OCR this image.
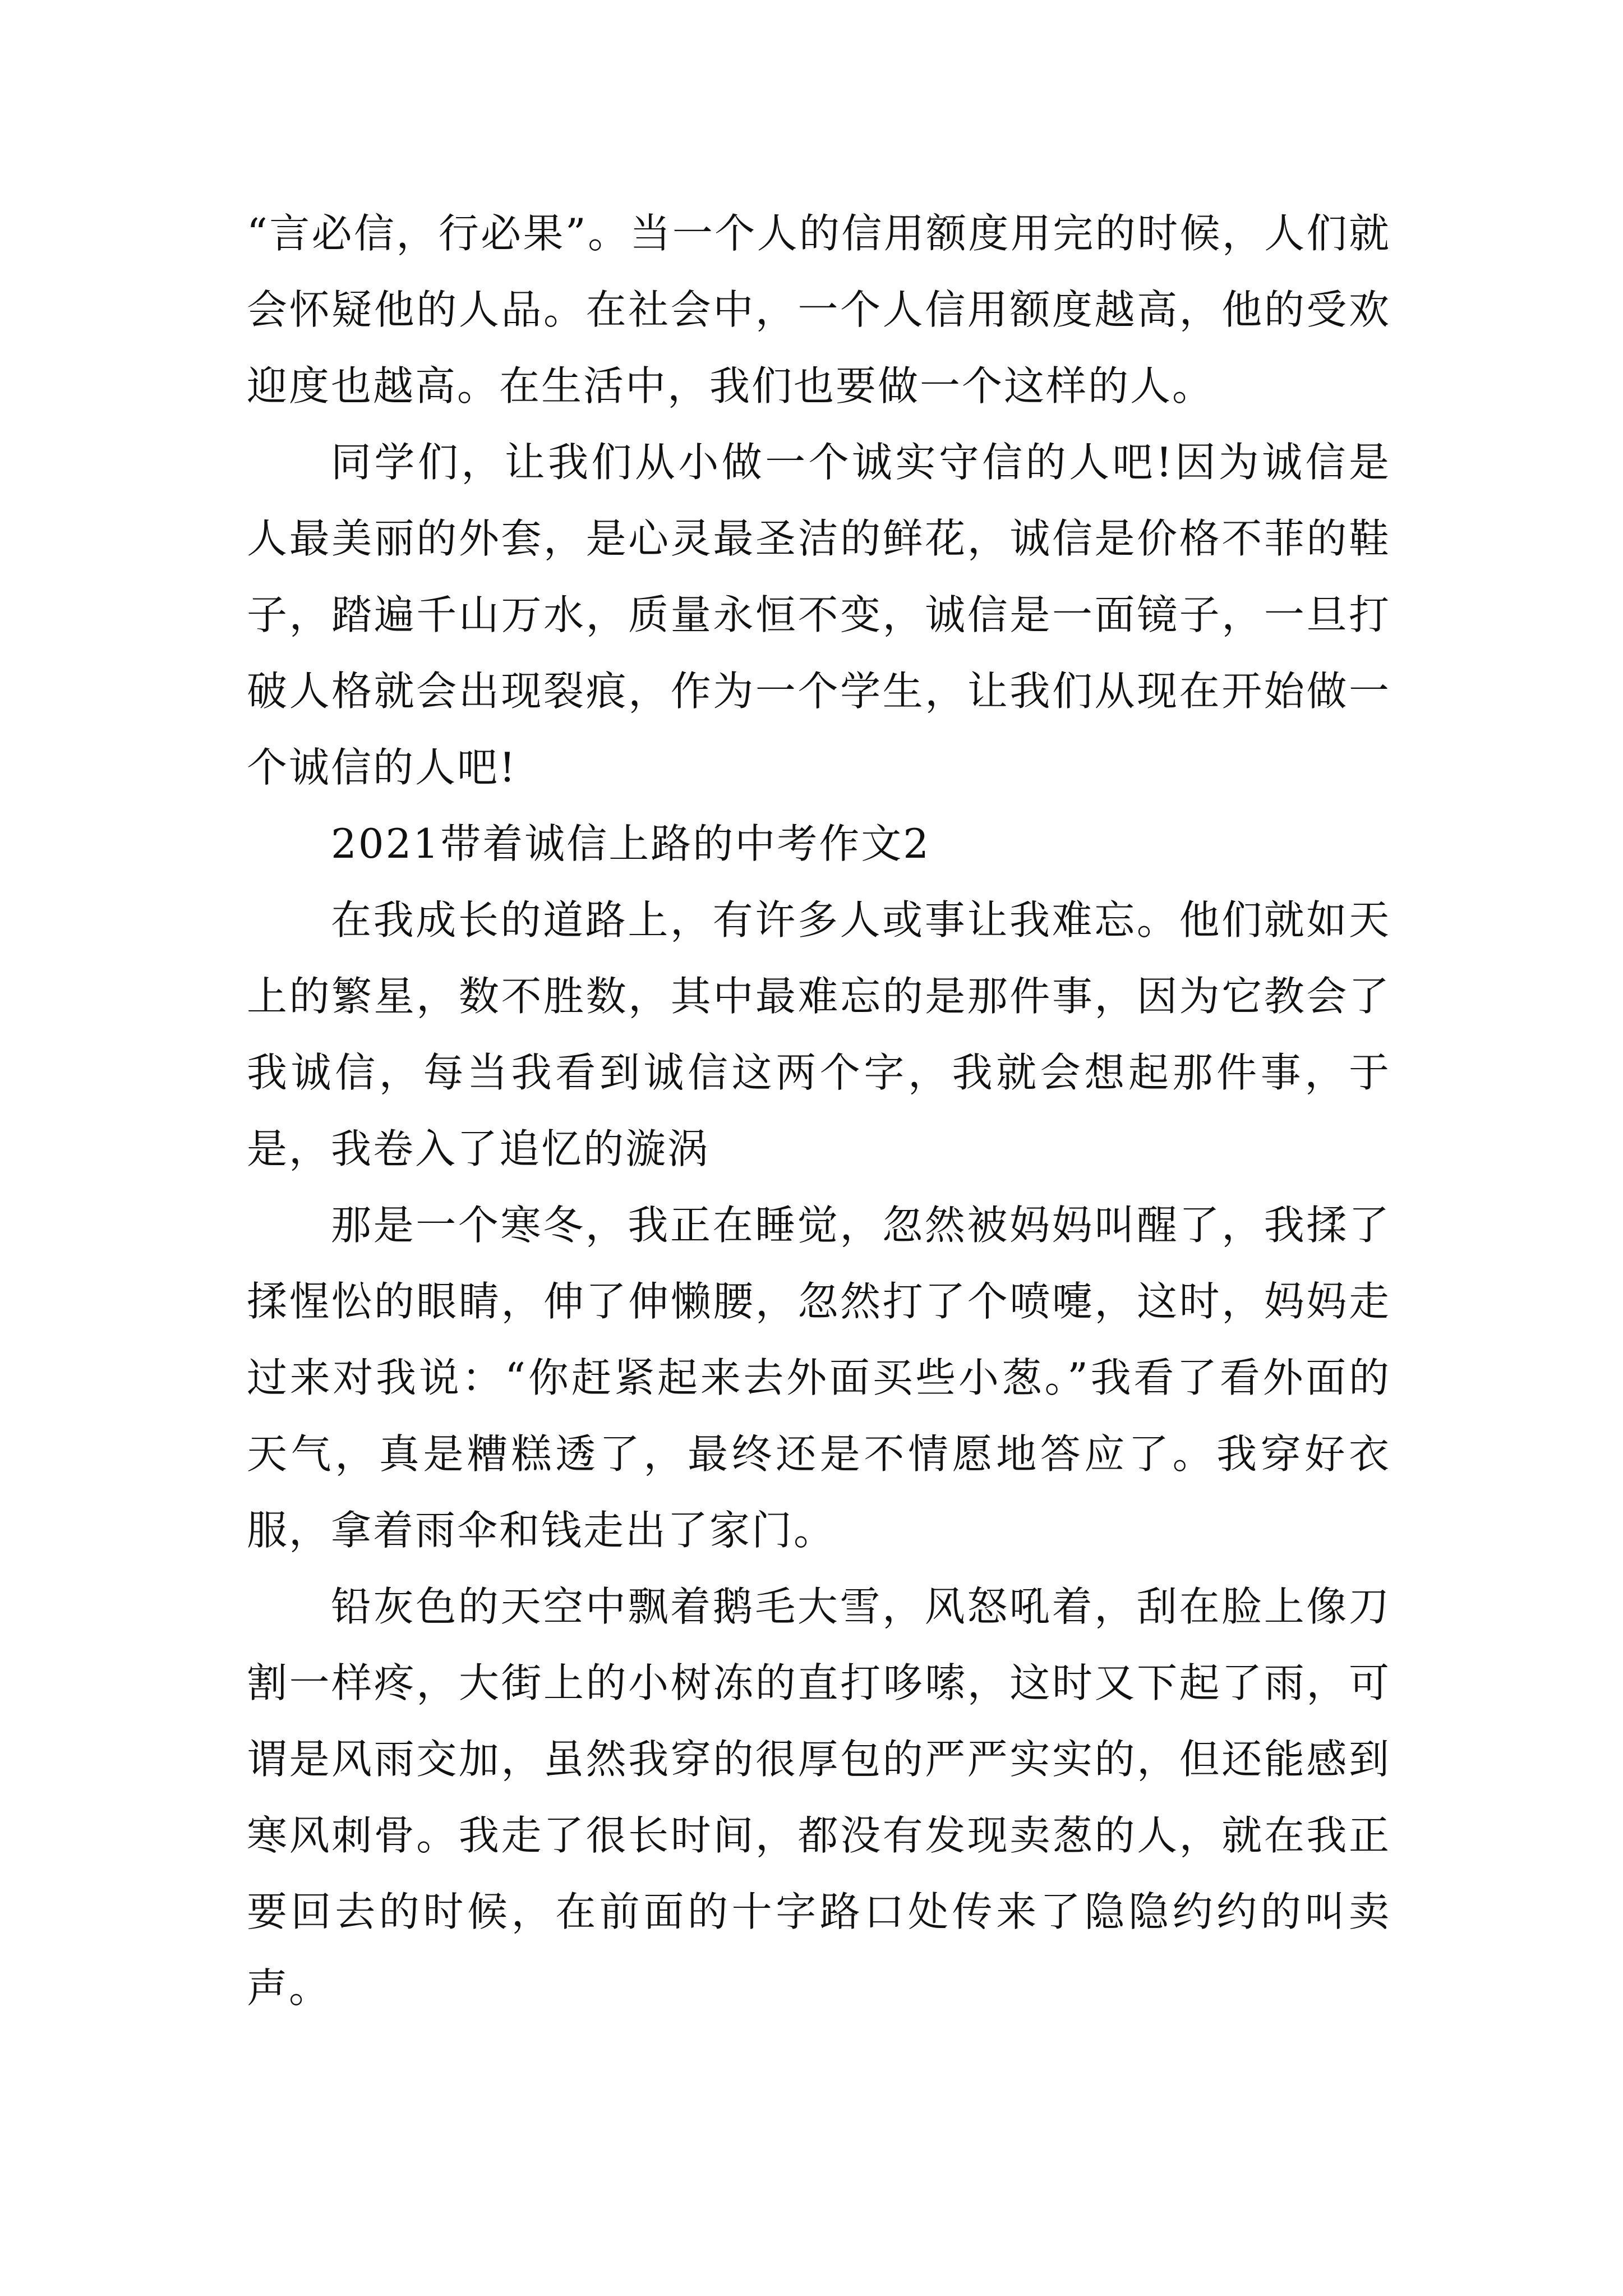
“言必信，行必果”。当一个人的信用额度用完的时候，人们就会怀疑他的人品。在社会中，一个人信用额度越高，他的受欢迎度也越高。在生活中，我们也要做一个这样的人。

同学们，让我们从小做一个诚实守信的人吧!因为诚信是人最美丽的外套，是心灵最圣洁的鲜花，诚信是价格不菲的鞋子，踏遍千山万水，质量永恒不变，诚信是一面镜子，一旦打破人格就会出现裂痕，作为一个学生，让我们从现在开始做一个诚信的人吧!

2021带着诚信上路的中考作文2

在我成长的道路上，有许多人或事让我难忘。他们就如天上的繁星，数不胜数，其中最难忘的是那件事，因为它教会了我诚信，每当我看到诚信这两个字，我就会想起那件事，于是，我卷入了追忆的漩涡

那是一个寒冬，我正在睡觉，忽然被妈妈叫醒了，我揉了揉惺忪的眼睛，伸了伸懒腰，忽然打了个喷嚏，这时，妈妈走过来对我说：“你赶紧起来去外面买些小葱。”我看了看外面的天气，真是糟糕透了，最终还是不情愿地答应了。我穿好衣服，拿着雨伞和钱走出了家门。

铅灰色的天空中飘着鹅毛大雪，风怒吼着，刮在脸上像刀割一样疼，大街上的小树冻的直打哆嗦，这时又下起了雨，可谓是风雨交加，虽然我穿的很厚包的严严实实的，但还能感到寒风刺骨。我走了很长时间，都没有发现卖葱的人，就在我正要回去的时候，在前面的十字路口处传来了隐隐约约的叫卖声。
